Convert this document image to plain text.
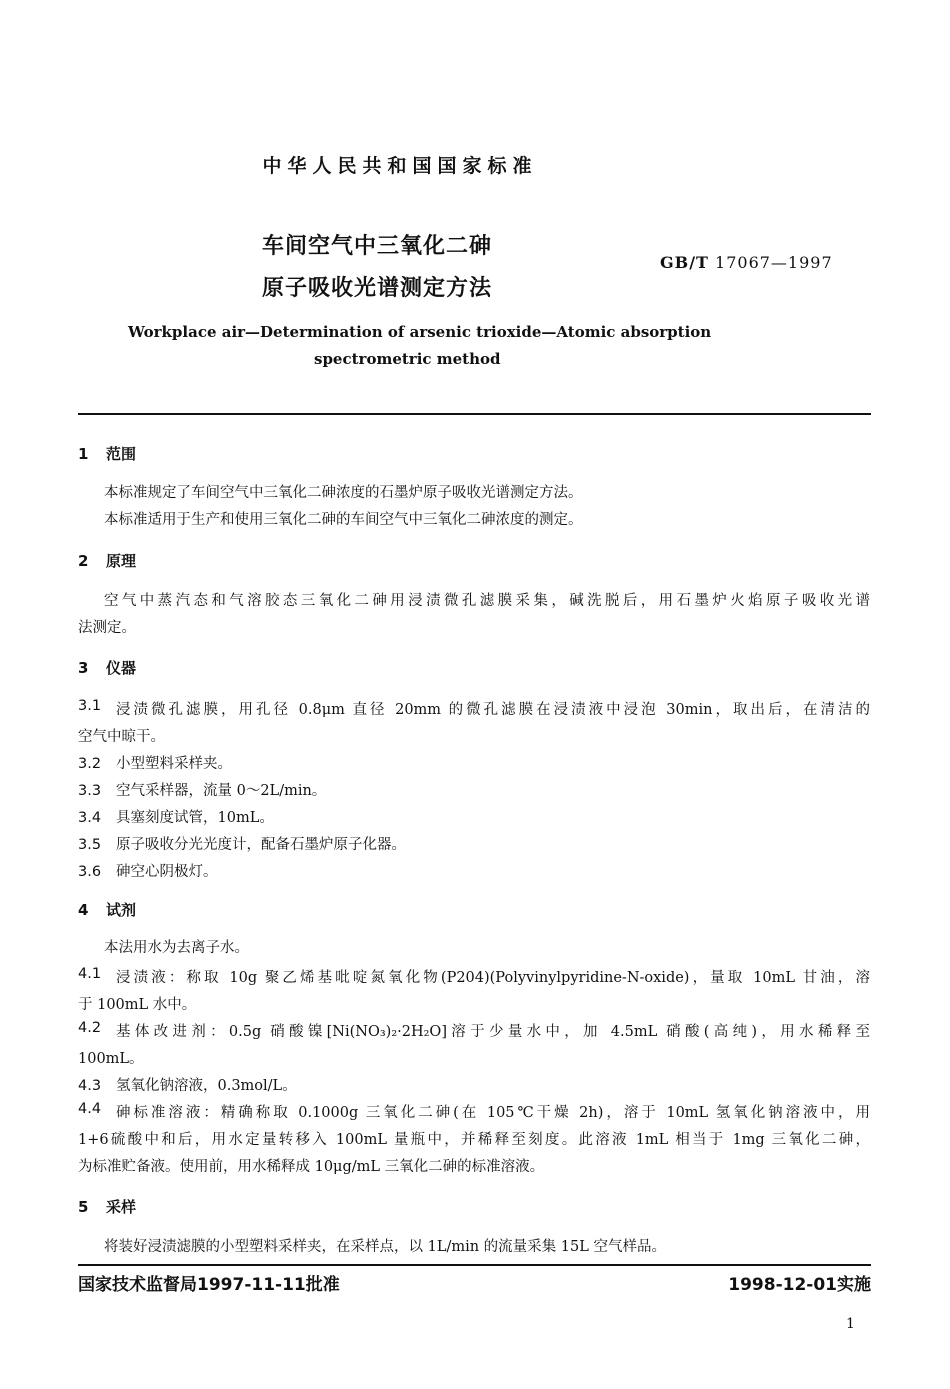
中华人民共和国国家标准
车间空气中三氧化二砷
原子吸收光谱测定方法
GB/T 17067—1997
Workplace air—Determination of arsenic trioxide—Atomic absorption
spectrometric method
1 范围
本标准规定了车间空气中三氧化二砷浓度的石墨炉原子吸收光谱测定方法。
本标准适用于生产和使用三氧化二砷的车间空气中三氧化二砷浓度的测定。
2 原理
空气中蒸汽态和气溶胶态三氧化二砷用浸渍微孔滤膜采集，碱洗脱后，用石墨炉火焰原子吸收光谱
法测定。
3 仪器
3.1	浸渍微孔滤膜，用孔径 0.8μm 直径 20mm 的微孔滤膜在浸渍液中浸泡 30min，取出后，在清洁的
空气中晾干。
3.2 小型塑料采样夹。
3.3 空气采样器，流量 0～2L/min。
3.4 具塞刻度试管，10mL。
3.5 原子吸收分光光度计，配备石墨炉原子化器。
3.6 砷空心阴极灯。
4 试剂
本法用水为去离子水。
4.1	浸渍液：称取 10g 聚乙烯基吡啶氮氧化物(P204)(Polyvinylpyridine-N-oxide)，量取 10mL 甘油，溶
于 100mL 水中。
4.2	基体改进剂：0.5g 硝酸镍[Ni(NO₃)₂·2H₂O]溶于少量水中，加 4.5mL 硝酸(高纯)，用水稀释至
100mL。
4.3 氢氧化钠溶液，0.3mol/L。
4.4	砷标准溶液：精确称取 0.1000g 三氧化二砷(在 105℃干燥 2h)，溶于 10mL 氢氧化钠溶液中，用
1+6硫酸中和后，用水定量转移入 100mL 量瓶中，并稀释至刻度。此溶液 1mL 相当于 1mg 三氧化二砷，
为标准贮备液。使用前，用水稀释成 10μg/mL 三氧化二砷的标准溶液。
5 采样
将装好浸渍滤膜的小型塑料采样夹，在采样点，以 1L/min 的流量采集 15L 空气样品。
国家技术监督局1997-11-11批准	1998-12-01实施
1
